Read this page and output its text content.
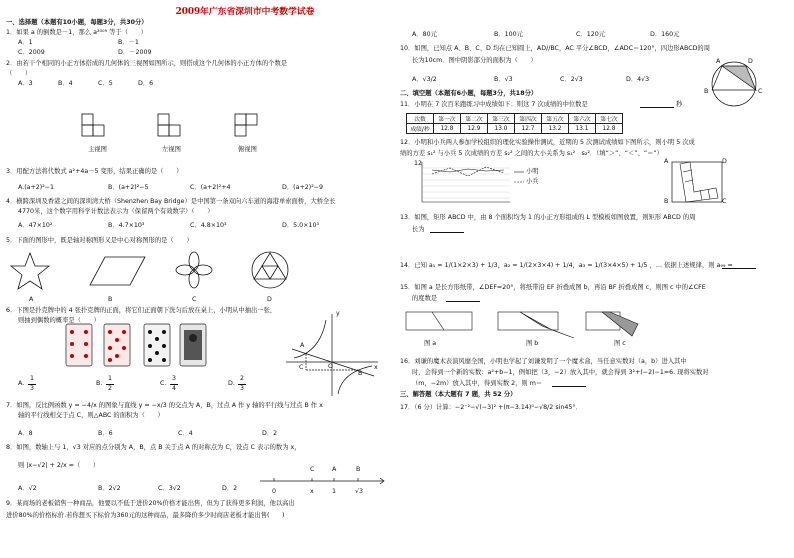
2009年广东省深圳市中考数学试卷
一、选择题（本题有10小题，每题3分，共30分）
1．如果 a 的倒数是－1，那么 a²⁰⁰⁹ 等于（　　）
A．1	B．－1
C．2009	D．－2009
2．由若干个相同的小正方体搭成的几何体的三视图如图所示，则搭成这个几何体的小正方体的个数是
（　　）
A．3	B．4	C．5	D．6
主视图	左视图	俯视图
3．用配方法将代数式 a²+4a－5 变形，结果正确的是（　　）
A.(a+2)²−1	B．(a+2)²−5	C．(a+2)²+4	D．(a+2)²−9
4．横跨深圳及香港之间的深圳湾大桥（Shenzhen Bay Bridge）是中国第一条双向六车道的海港单索面桥，大桥全长
4770米，这个数字用科学计数法表示为（保留两个有效数字）（　　）
A．47×10²	B．4.7×10³	C．4.8×10³	D．5.0×10³
5．下面的图形中，既是轴对称图形又是中心对称图形的是（　　）
A	B	C	D
6．下图是扑克牌中的 4 张扑克牌的正面，将它们正面朝下洗匀后放在桌上，小明从中抽出一张，
则抽到偶数的概率是（　　）
A.
1
3
B.
1
2
C.
3
4
D.
2
3
y
x
O
A
B
C
7．如图，反比例函数 y = −4/x 的图象与直线 y = −x/3 的交点为 A，B，过点 A 作 y 轴的平行线与过点 B 作 x
轴的平行线相交于点 C，则△ABC 的面积为（　　）
A．8	B．6	C．4	D．2
8．如图，数轴上与 1，√3 对应的点分别为 A，B，点 B 关于点 A 的对称点为 C，设点 C 表示的数为 x，
则 |x−√2| + 2/x =（　　）
A．√2	B．2√2	C．3√2	D．2
C	A	B
0	x	1	√3
9．某商场的老板销售一种商品，他要以不低于进价20%价格才能出售，但为了获得更多利润，他以高出
进价80%的价格标价.若你想买下标价为360元的这种商品，最多降价多少时商店老板才能出售(　　)
A．80元	B．100元	C．120元	D．160元
10．如图，已知点 A、B、C、D 均在已知圆上，AD//BC，AC 平分∠BCD，∠ADC＝120°，四边形ABCD的周
长为10cm．图中阴影部分的面积为（　　）
A．√3/2	B．√3	C．2√3	D．4√3
A	D
B	C
二、填空题（本题有6小题，每题3分，共18分）
11．小明在 7 次百米跑练习中成绩如下：则这 7 次成绩的中位数是	秒
次数	第一次	第二次	第三次	第四次	第五次	第六次	第七次
成绩/秒	12.8	12.9	13.0	12.7	13.2	13.1	12.8
12．小明和小兵两人参加学校组织的理化实验操作测试，近期的 5 次测试成绩如下图所示，则小明 5 次成
绩的方差 s₁² 与小兵 5 次成绩的方差 s₂² 之间的大小关系为 s₁²　s₂²．（填“＞”、“＜”、“＝”）
小明
小兵
12	A	D
B	C
13．如图，矩形 ABCD 中，由 8 个面积均为 1 的小正方形组成的 L 型模板如图放置，则矩形 ABCD 的周
长为
14．已知 a₁ = 1/(1×2×3) + 1/3，a₂ = 1/(2×3×4) + 1/4，a₃ = 1/(3×4×5) + 1/5 ，… 依据上述规律，则 a₉₉ =
15．如图 a 是长方形纸带，∠DEF=20°，将纸带沿 EF 折叠成图 b，再沿 BF 折叠成图 c，则图 c 中的∠CFE
的度数是
图 a	图 b	图 c
16．刘谦的魔术表演风靡全国，小明也学起了刘谦发明了一个魔术盒，当任意实数对（a，b）进入其中
时，会得到一个新的实数：a²+b−1，例如把（3，−2）放入其中，就会得到 3²+(−2)−1=6. 现将实数对
（m，−2m）放入其中，得到实数 2，则 m＝
三、解答题（本大题有 7 题，共 52 分）
17．（6 分）计算：−2⁻²−√(−3)² +(π−3.14)⁰−√8/2 sin45°．
